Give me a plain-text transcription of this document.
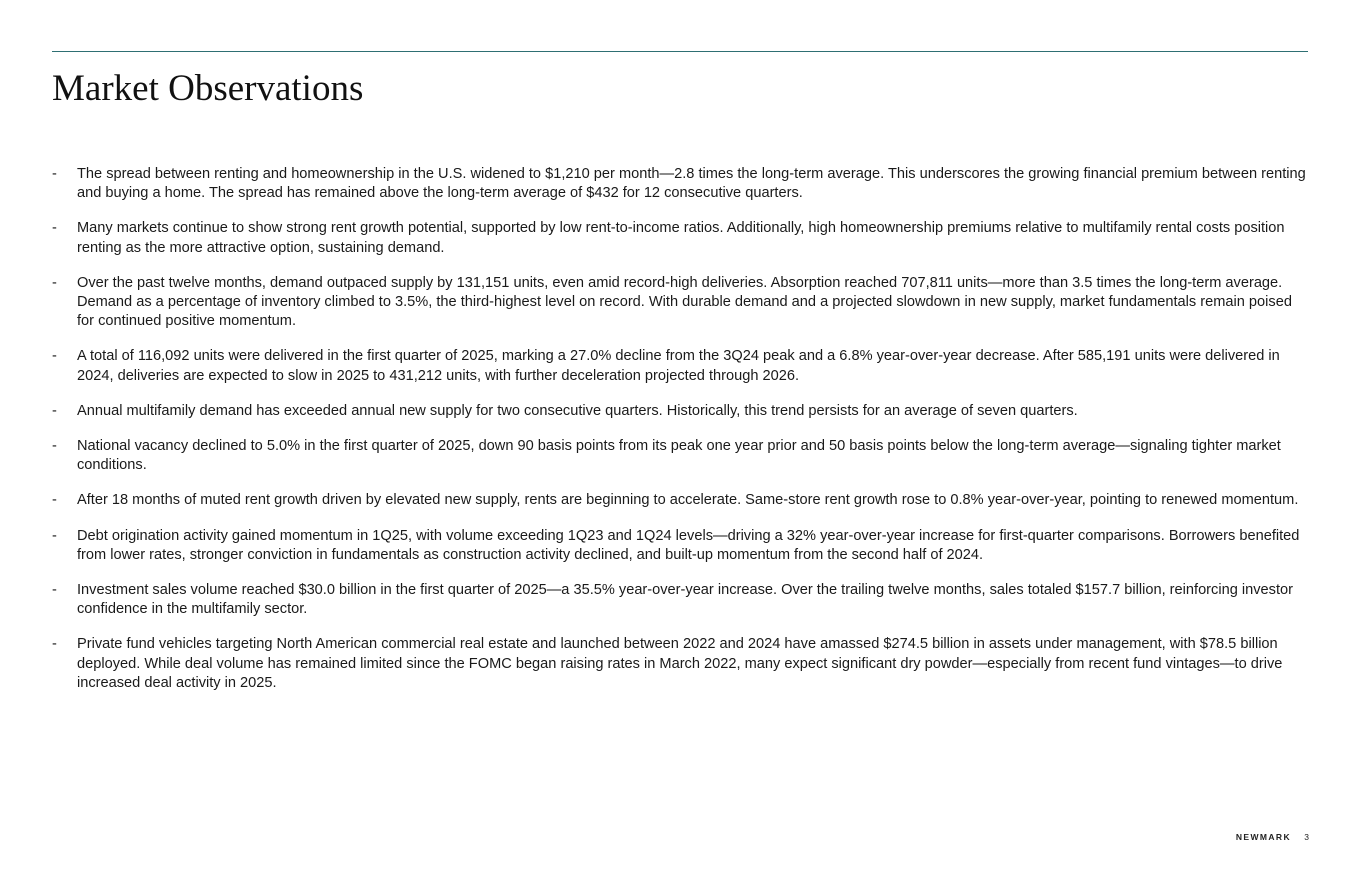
Market Observations
- The spread between renting and homeownership in the U.S. widened to $1,210 per month—2.8 times the long-term average. This underscores the growing financial premium between renting and buying a home. The spread has remained above the long-term average of $432 for 12 consecutive quarters.
- Many markets continue to show strong rent growth potential, supported by low rent-to-income ratios. Additionally, high homeownership premiums relative to multifamily rental costs position renting as the more attractive option, sustaining demand.
- Over the past twelve months, demand outpaced supply by 131,151 units, even amid record-high deliveries. Absorption reached 707,811 units—more than 3.5 times the long-term average. Demand as a percentage of inventory climbed to 3.5%, the third-highest level on record. With durable demand and a projected slowdown in new supply, market fundamentals remain poised for continued positive momentum.
- A total of 116,092 units were delivered in the first quarter of 2025, marking a 27.0% decline from the 3Q24 peak and a 6.8% year-over-year decrease. After 585,191 units were delivered in 2024, deliveries are expected to slow in 2025 to 431,212 units, with further deceleration projected through 2026.
- Annual multifamily demand has exceeded annual new supply for two consecutive quarters. Historically, this trend persists for an average of seven quarters.
- National vacancy declined to 5.0% in the first quarter of 2025, down 90 basis points from its peak one year prior and 50 basis points below the long-term average—signaling tighter market conditions.
- After 18 months of muted rent growth driven by elevated new supply, rents are beginning to accelerate. Same-store rent growth rose to 0.8% year-over-year, pointing to renewed momentum.
- Debt origination activity gained momentum in 1Q25, with volume exceeding 1Q23 and 1Q24 levels—driving a 32% year-over-year increase for first-quarter comparisons. Borrowers benefited from lower rates, stronger conviction in fundamentals as construction activity declined, and built-up momentum from the second half of 2024.
- Investment sales volume reached $30.0 billion in the first quarter of 2025—a 35.5% year-over-year increase. Over the trailing twelve months, sales totaled $157.7 billion, reinforcing investor confidence in the multifamily sector.
- Private fund vehicles targeting North American commercial real estate and launched between 2022 and 2024 have amassed $274.5 billion in assets under management, with $78.5 billion deployed. While deal volume has remained limited since the FOMC began raising rates in March 2022, many expect significant dry powder—especially from recent fund vintages—to drive increased deal activity in 2025.
NEWMARK 3
